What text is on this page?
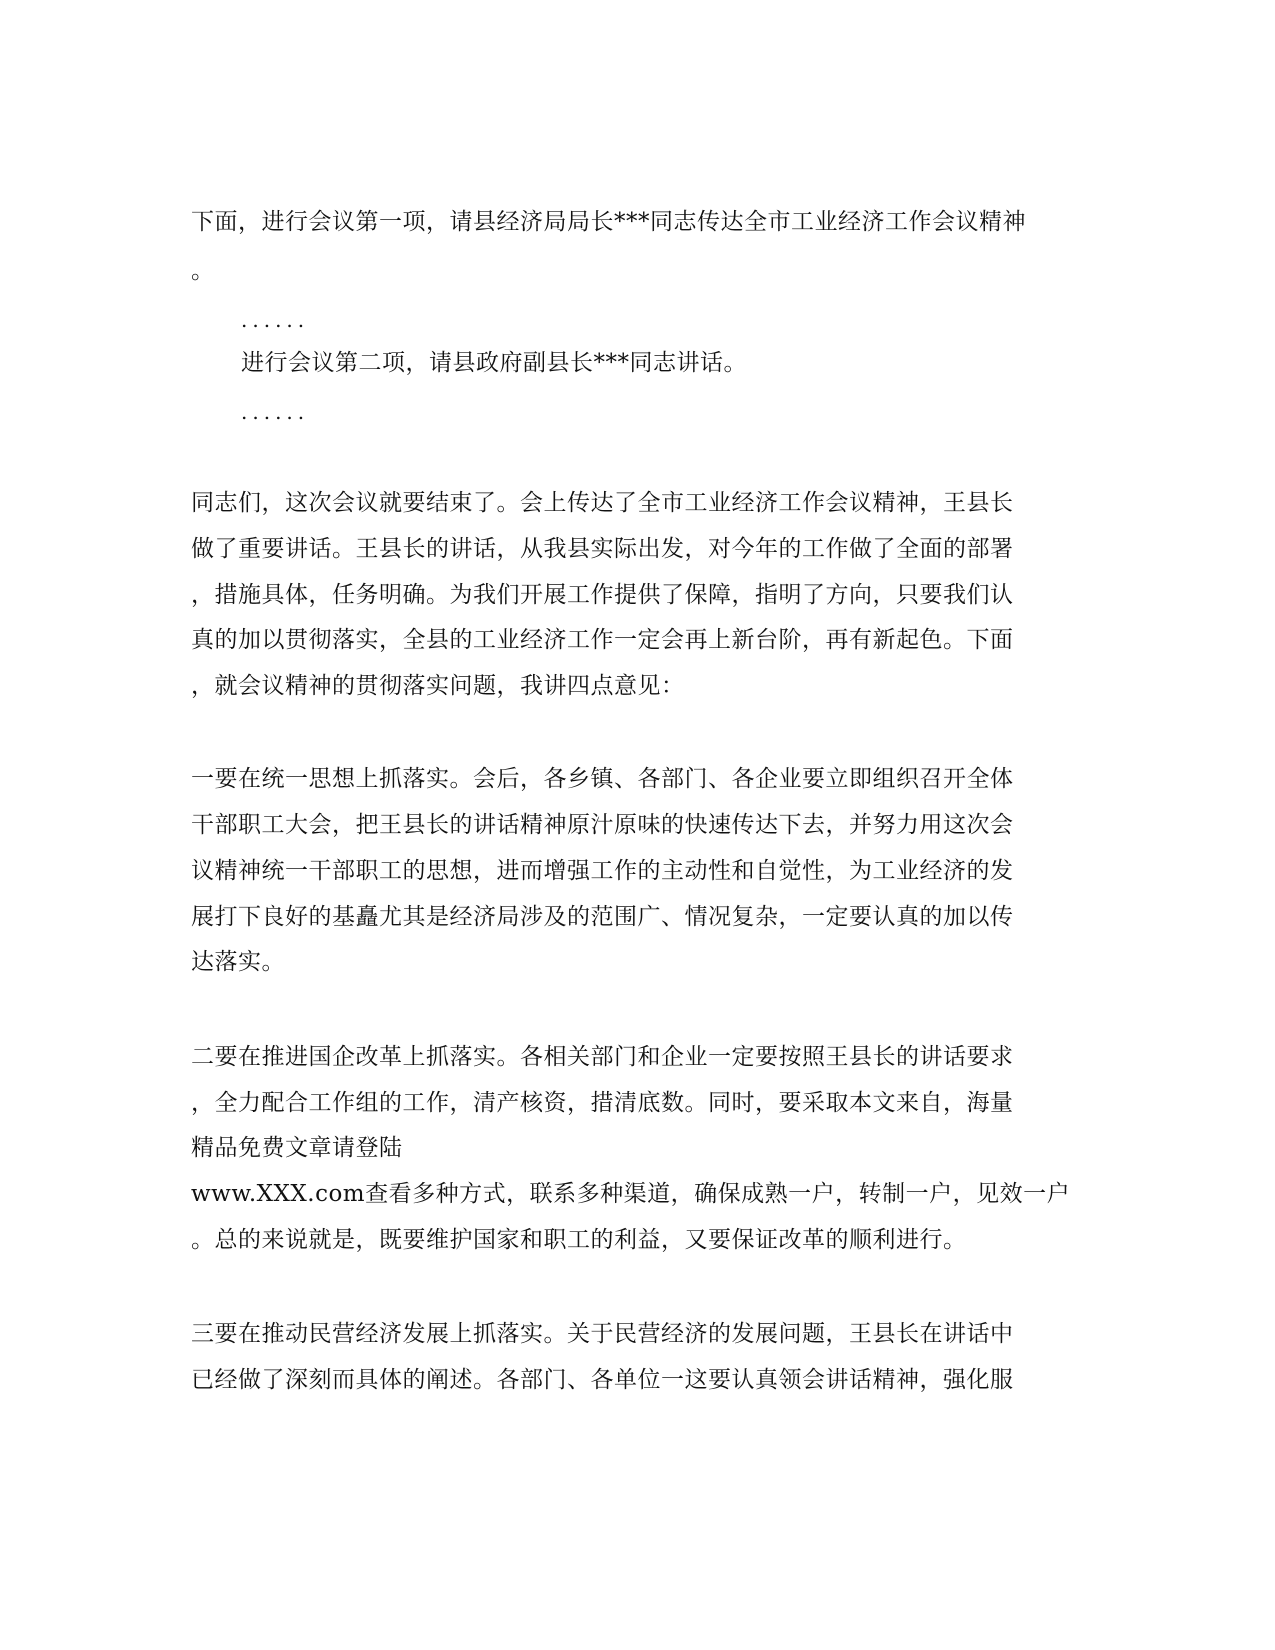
下面，进行会议第一项，请县经济局局长***同志传达全市工业经济工作会议精神
。
......
进行会议第二项，请县政府副县长***同志讲话。
......
同志们，这次会议就要结束了。会上传达了全市工业经济工作会议精神，王县长
做了重要讲话。王县长的讲话，从我县实际出发，对今年的工作做了全面的部署
，措施具体，任务明确。为我们开展工作提供了保障，指明了方向，只要我们认
真的加以贯彻落实，全县的工业经济工作一定会再上新台阶，再有新起色。下面
，就会议精神的贯彻落实问题，我讲四点意见：
一要在统一思想上抓落实。会后，各乡镇、各部门、各企业要立即组织召开全体
干部职工大会，把王县长的讲话精神原汁原味的快速传达下去，并努力用这次会
议精神统一干部职工的思想，进而增强工作的主动性和自觉性，为工业经济的发
展打下良好的基矗尤其是经济局涉及的范围广、情况复杂，一定要认真的加以传
达落实。
二要在推进国企改革上抓落实。各相关部门和企业一定要按照王县长的讲话要求
，全力配合工作组的工作，清产核资，措清底数。同时，要采取本文来自，海量
精品免费文章请登陆
www.XXX.com查看多种方式，联系多种渠道，确保成熟一户，转制一户，见效一户
。总的来说就是，既要维护国家和职工的利益，又要保证改革的顺利进行。
三要在推动民营经济发展上抓落实。关于民营经济的发展问题，王县长在讲话中
已经做了深刻而具体的阐述。各部门、各单位一这要认真领会讲话精神，强化服
